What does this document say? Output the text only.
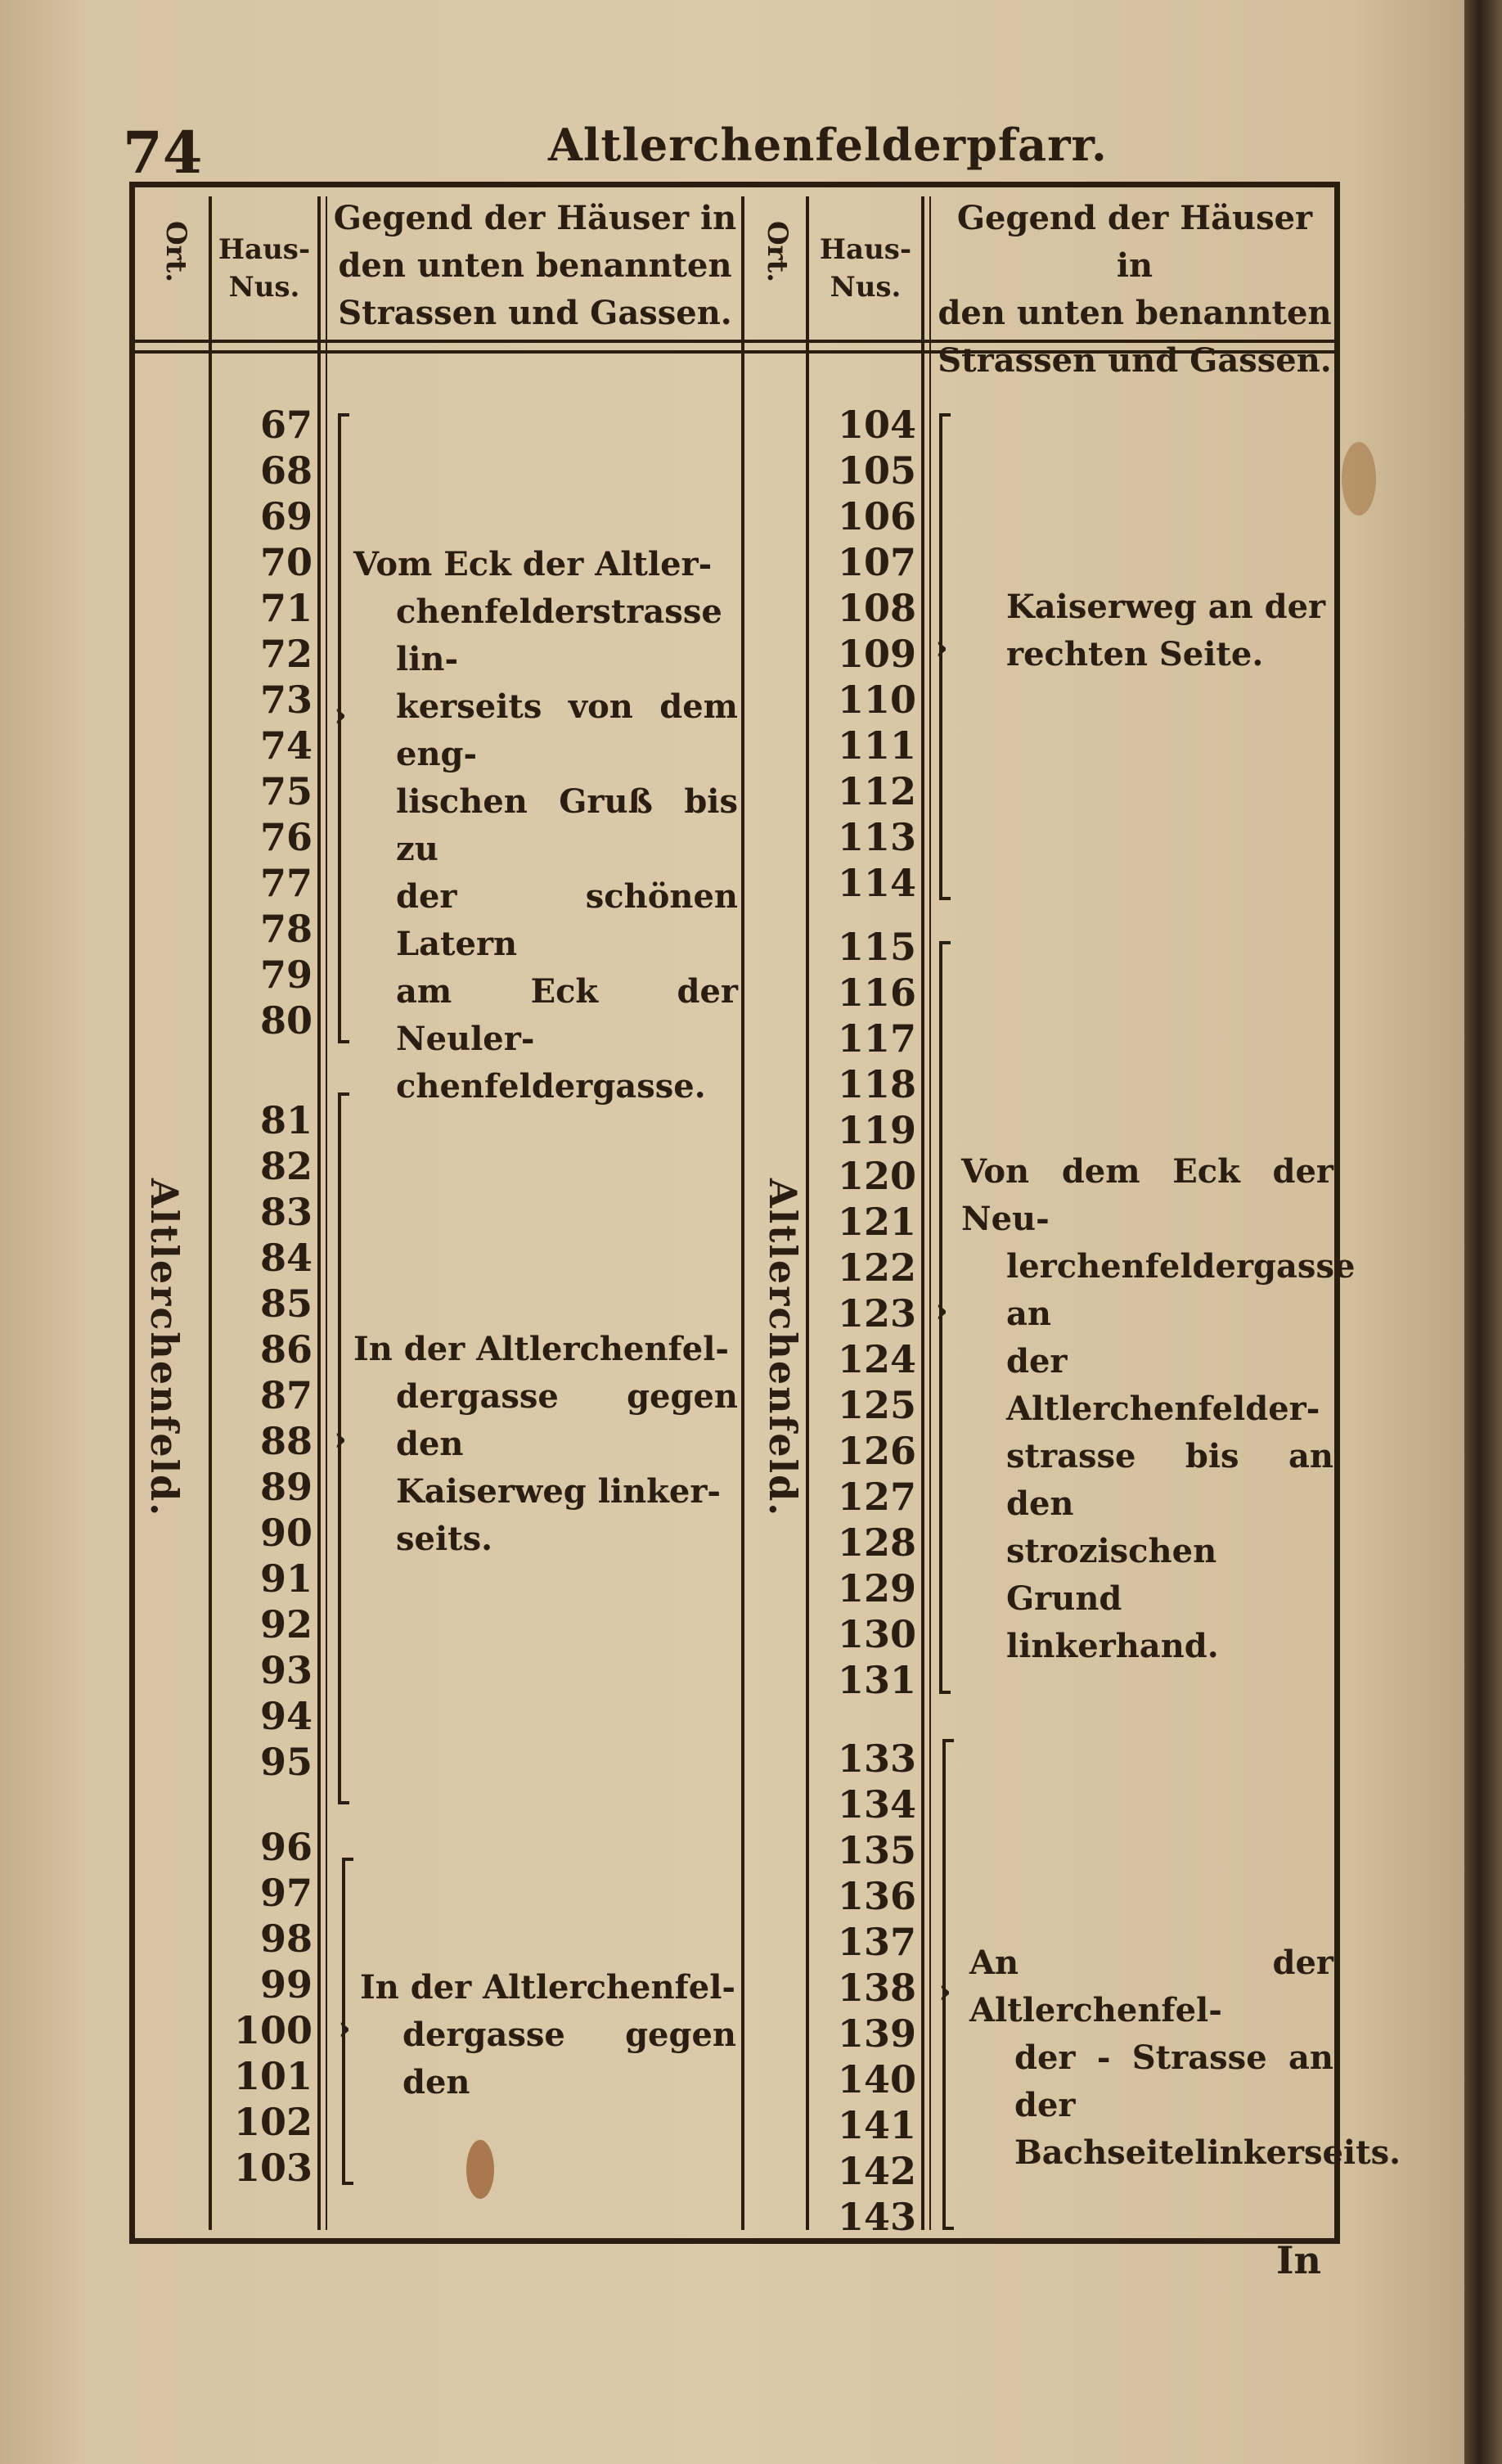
74	Altlerchenfelderpfarr.
Ort. Haus-
Nus.
Gegend der Häuser in
den unten benannten
Strassen und Gassen.
Ort. Haus-
Nus.
Gegend der Häuser in
den unten benannten
Strassen und Gassen.
Altlerchenfeld.	Altlerchenfeld.
67
68
69
70
71
72
73
74
75
76
77
78
79
80
81
82
83
84
85
86
87
88
89
90
91
92
93
94
95
96
97
98
99
100
101
102
103
104
105
106
107
108
109
110
111
112
113
114
115
116
117
118
119
120
121
122
123
124
125
126
127
128
129
130
131
133
134
135
136
137
138
139
140
141
142
143
›
Vom Eck der Altler-
chenfelderstrasse lin-
kerseits von dem eng-
lischen Gruß bis zu
der schönen Latern
am Eck der Neuler-
chenfeldergasse.
›
In der Altlerchenfel-
dergasse gegen den
Kaiserweg linker-
seits.
›
In der Altlerchenfel-
dergasse gegen den
›
Kaiserweg an der
rechten Seite.
›
Von dem Eck der Neu-
lerchenfeldergasse an
der Altlerchenfelder-
strasse bis an den
strozischen Grund
linkerhand.
›
An der Altlerchenfel-
der - Strasse an der
Bachseitelinkerseits.
In
